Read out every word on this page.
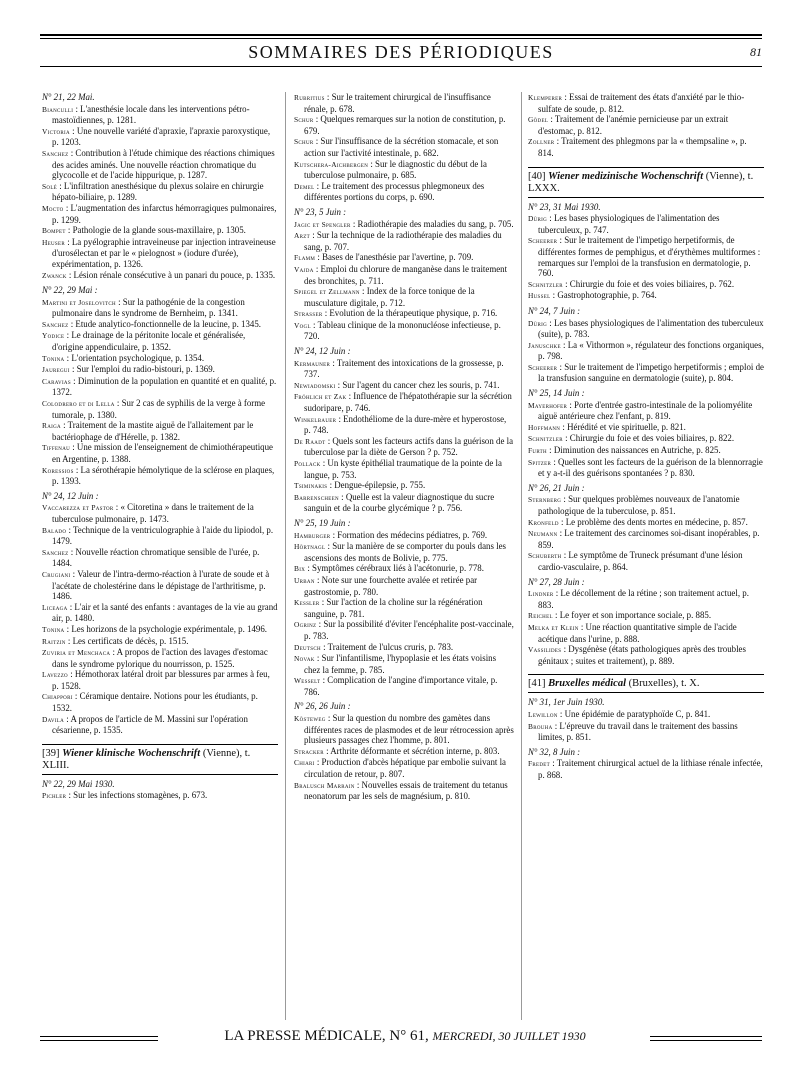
SOMMAIRES DES PÉRIODIQUES	81

N° 21, 22 Mai.

Bianculli : L'anesthésie locale dans les interventions pétro-mastoïdiennes, p. 1281.

Victoria : Une nouvelle variété d'apraxie, l'apraxie paroxystique, p. 1203.

Sanchez : Contribution à l'étude chimique des réactions chimiques des acides aminés. Une nouvelle réaction chromatique du glycocolle et de l'acide hippurique, p. 1287.

Solé : L'infiltration anesthésique du plexus solaire en chirurgie hépato-biliaire, p. 1289.

Mocto : L'augmentation des infarctus hémorragiques pulmonaires, p. 1299.

Bompet : Pathologie de la glande sous-maxillaire, p. 1305.

Heuser : La pyélographie intraveineuse par injection intraveineuse d'urosélectan et par le « pielognost » (iodure d'urée), expérimentation, p. 1326.

Zwanck : Lésion rénale consécutive à un panari du pouce, p. 1335.

N° 22, 29 Mai :

Martini et Joselovitch : Sur la pathogénie de la congestion pulmonaire dans le syndrome de Bernheim, p. 1341.

Sanchez : Etude analytico-fonctionnelle de la leucine, p. 1345.

Yodice : Le drainage de la péritonite locale et généralisée, d'origine appendiculaire, p. 1352.

Tonina : L'orientation psychologique, p. 1354.

Jauregui : Sur l'emploi du radio-bistouri, p. 1369.

Caravias : Diminution de la population en quantité et en qualité, p. 1372.

Colodrero et di Lella : Sur 2 cas de syphilis de la verge à forme tumorale, p. 1380.

Raiga : Traitement de la mastite aiguë de l'allaitement par le bactériophage de d'Hérelle, p. 1382.

Tiffenau : Une mission de l'enseignement de chimiothérapeutique en Argentine, p. 1388.

Koressios : La sérothérapie hémolytique de la sclérose en plaques, p. 1393.

N° 24, 12 Juin :

Vaccarezza et Pastor : « Citoretina » dans le traitement de la tuberculose pulmonaire, p. 1473.

Balado : Technique de la ventriculographie à l'aide du lipiodol, p. 1479.

Sanchez : Nouvelle réaction chromatique sensible de l'urée, p. 1484.

Crugiani : Valeur de l'intra-dermo-réaction à l'urate de soude et à l'acétate de cholestérine dans le dépistage de l'arthritisme, p. 1486.

Liceaga : L'air et la santé des enfants : avantages de la vie au grand air, p. 1480.

Tonina : Les horizons de la psychologie expérimentale, p. 1496.

Raitzin : Les certificats de décès, p. 1515.

Zuviria et Menchaca : A propos de l'action des lavages d'estomac dans le syndrome pylorique du nourrisson, p. 1525.

Lavezzo : Hémothorax latéral droit par blessures par armes à feu, p. 1528.

Chiappori : Céramique dentaire. Notions pour les étudiants, p. 1532.

Davila : A propos de l'article de M. Massini sur l'opération césarienne, p. 1535.

[39] Wiener klinische Wochenschrift (Vienne), t. XLIII.

N° 22, 29 Mai 1930.

Pichler : Sur les infections stomagènes, p. 673.

Rubritius : Sur le traitement chirurgical de l'insuffisance rénale, p. 678.

Schur : Quelques remarques sur la notion de constitution, p. 679.

Schur : Sur l'insuffisance de la sécrétion stomacale, et son action sur l'activité intestinale, p. 682.

Kutschera-Aichbergen : Sur le diagnostic du début de la tuberculose pulmonaire, p. 685.

Demel : Le traitement des processus phlegmoneux des différentes portions du corps, p. 690.

N° 23, 5 Juin :

Jagic et Spengler : Radiothérapie des maladies du sang, p. 705.

Arzt : Sur la technique de la radiothérapie des maladies du sang, p. 707.

Flamm : Bases de l'anesthésie par l'avertine, p. 709.

Vajda : Emploi du chlorure de manganèse dans le traitement des bronchites, p. 711.

Spiegel et Zellmann : Index de la force tonique de la musculature digitale, p. 712.

Strasser : Evolution de la thérapeutique physique, p. 716.

Vogl : Tableau clinique de la mononucléose infectieuse, p. 720.

N° 24, 12 Juin :

Kermauner : Traitement des intoxications de la grossesse, p. 737.

Newiadomski : Sur l'agent du cancer chez les souris, p. 741.

Fröhlich et Zak : Influence de l'hépatothérapie sur la sécrétion sudoripare, p. 746.

Winkelbauer : Endothéliome de la dure-mère et hyperostose, p. 748.

De Raadt : Quels sont les facteurs actifs dans la guérison de la tuberculose par la diète de Gerson ? p. 752.

Pollack : Un kyste épithélial traumatique de la pointe de la langue, p. 753.

Tsiminakis : Dengue-épilepsie, p. 755.

Barrenscheen : Quelle est la valeur diagnostique du sucre sanguin et de la courbe glycémique ? p. 756.

N° 25, 19 Juin :

Hamburger : Formation des médecins pédiatres, p. 769.

Hörtnagl : Sur la manière de se comporter du pouls dans les ascensions des monts de Bolivie, p. 775.

Bix : Symptômes cérébraux liés à l'acétonurie, p. 778.

Urban : Note sur une fourchette avalée et retirée par gastrostomie, p. 780.

Kessler : Sur l'action de la choline sur la régénération sanguine, p. 781.

Ogrinz : Sur la possibilité d'éviter l'encéphalite post-vaccinale, p. 783.

Deutsch : Traitement de l'ulcus cruris, p. 783.

Novak : Sur l'infantilisme, l'hypoplasie et les états voisins chez la femme, p. 785.

Wesselt : Complication de l'angine d'importance vitale, p. 786.

N° 26, 26 Juin :

Kösteweg : Sur la question du nombre des gamètes dans différentes races de plasmodes et de leur rétrocession après plusieurs passages chez l'homme, p. 801.

Stracker : Arthrite déformante et sécrétion interne, p. 803.

Chiari : Production d'abcès hépatique par embolie suivant la circulation de retour, p. 807.

Bralusch Marrain : Nouvelles essais de traitement du tetanus neonatorum par les sels de magnésium, p. 810.

Klemperer : Essai de traitement des états d'anxiété par le thio-sulfate de soude, p. 812.

Gödel : Traitement de l'anémie pernicieuse par un extrait d'estomac, p. 812.

Zollner : Traitement des phlegmons par la « thempsaline », p. 814.

[40] Wiener medizinische Wochenschrift (Vienne), t. LXXX.

N° 23, 31 Mai 1930.

Dürig : Les bases physiologiques de l'alimentation des tuberculeux, p. 747.

Scheerer : Sur le traitement de l'impetigo herpetiformis, de différentes formes de pemphigus, et d'érythèmes multiformes : remarques sur l'emploi de la transfusion en dermatologie, p. 760.

Schnitzler : Chirurgie du foie et des voies biliaires, p. 762.

Hussel : Gastrophotographie, p. 764.

N° 24, 7 Juin :

Dürig : Les bases physiologiques de l'alimentation des tuberculeux (suite), p. 783.

Januschke : La « Vithormon », régulateur des fonctions organiques, p. 798.

Scheerer : Sur le traitement de l'impetigo herpetiformis ; emploi de la transfusion sanguine en dermatologie (suite), p. 804.

N° 25, 14 Juin :

Mayerhofer : Porte d'entrée gastro-intestinale de la poliomyélite aiguë antérieure chez l'enfant, p. 819.

Hoffmann : Hérédité et vie spirituelle, p. 821.

Schnitzler : Chirurgie du foie et des voies biliaires, p. 822.

Furth : Diminution des naissances en Autriche, p. 825.

Spitzer : Quelles sont les facteurs de la guérison de la blennorragie et y a-t-il des guérisons spontanées ? p. 830.

N° 26, 21 Juin :

Sternberg : Sur quelques problèmes nouveaux de l'anatomie pathologique de la tuberculose, p. 851.

Kronfeld : Le problème des dents mortes en médecine, p. 857.

Neumann : Le traitement des carcinomes soi-disant inopérables, p. 859.

Schuberth : Le symptôme de Truneck présumant d'une lésion cardio-vasculaire, p. 864.

N° 27, 28 Juin :

Lindner : Le décollement de la rétine ; son traitement actuel, p. 883.

Reichel : Le foyer et son importance sociale, p. 885.

Melka et Klein : Une réaction quantitative simple de l'acide acétique dans l'urine, p. 888.

Vassilides : Dysgénèse (états pathologiques après des troubles génitaux ; suites et traitement), p. 889.

[41] Bruxelles médical (Bruxelles), t. X.

N° 31, 1er Juin 1930.

Lewillon : Une épidémie de paratyphoïde C, p. 841.

Brouha : L'épreuve du travail dans le traitement des bassins limites, p. 851.

N° 32, 8 Juin :

Fredet : Traitement chirurgical actuel de la lithiase rénale infectée, p. 868.

LA PRESSE MÉDICALE, N° 61, MERCREDI, 30 JUILLET 1930
